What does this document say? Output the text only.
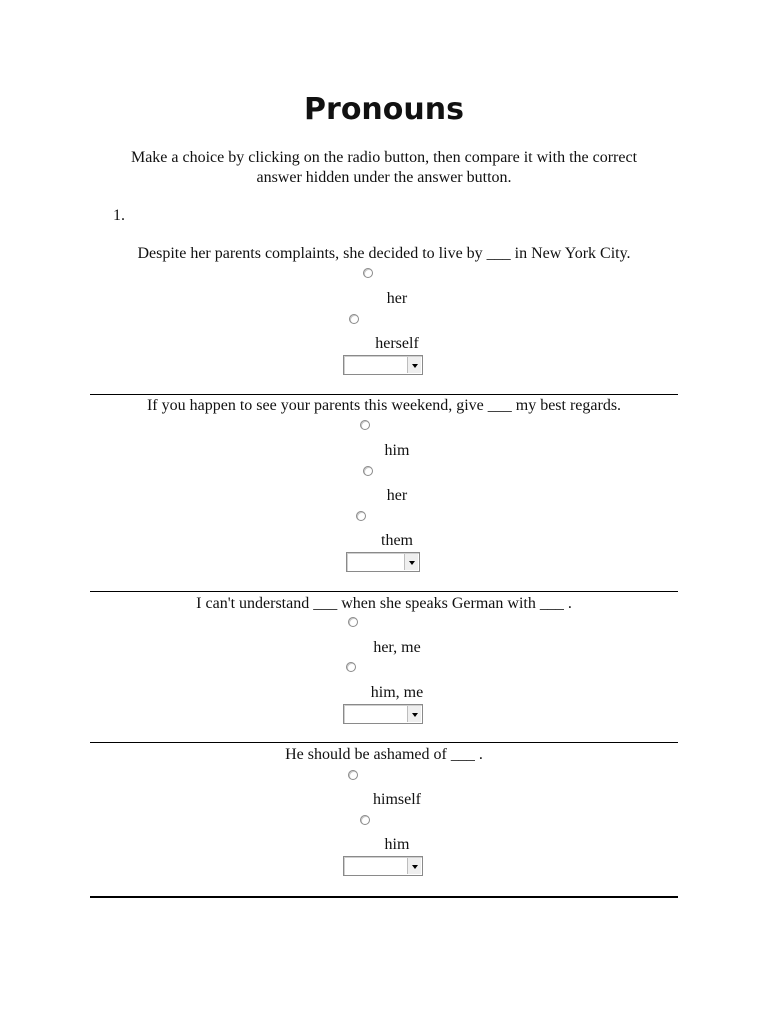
Pronouns

Make a choice by clicking on the radio button, then compare it with the correct answer hidden under the answer button.

1.
Despite her parents complaints, she decided to live by ___ in New York City.
her
herself
If you happen to see your parents this weekend, give ___ my best regards.
him
her
them
I can't understand ___ when she speaks German with ___ .
her, me
him, me
He should be ashamed of ___ .
himself
him
